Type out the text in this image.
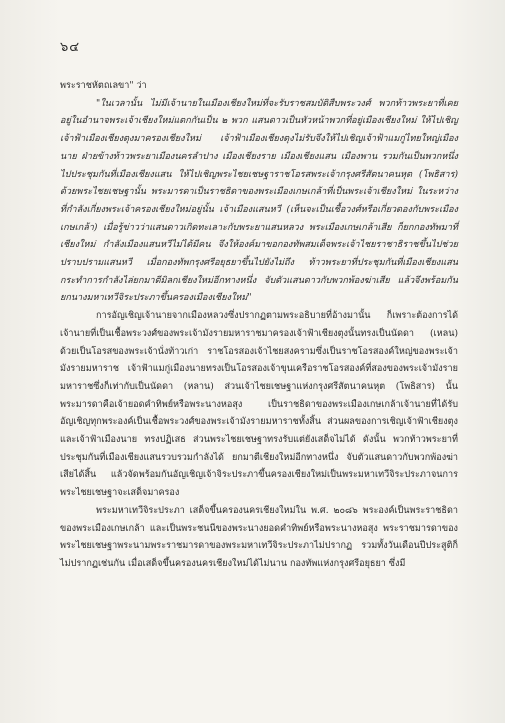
๖๔

พระราชหัตถเลขา" ว่า

"ในเวลานั้น ไม่มีเจ้านายในเมืองเชียงใหม่ที่จะรับราชสมบัติสืบพระวงศ์ พวกท้าวพระยาที่เคยอยู่ในอำนาจพระเจ้าเชียงใหม่แตกกันเป็น ๒ พวก แสนดาวเป็นหัวหน้าพวกที่อยู่เมืองเชียงใหม่ ให้ไปเชิญเจ้าฟ้าเมืองเชียงตุงมาครองเชียงใหม่ เจ้าฟ้าเมืองเชียงตุงไม่รับจึงให้ไปเชิญเจ้าฟ้าแมกู่ไทยใหญ่เมืองนาย ฝ่ายข้างท้าวพระยาเมืองนครลำปาง เมืองเชียงราย เมืองเชียงแสน เมืองพาน รวมกันเป็นพวกหนึ่งไปประชุมกันที่เมืองเชียงแสน ให้ไปเชิญพระไชยเชษฐาราชโอรสพระเจ้ากรุงศรีสัตนาคนหุต (โพธิสาร) ด้วยพระไชยเชษฐานั้น พระมารดาเป็นราชธิดาของพระเมืองเกษเกล้าที่เป็นพระเจ้าเชียงใหม่ ในระหว่างที่กำลังเกี่ยงพระเจ้าครองเชียงใหม่อยู่นั้น เจ้าเมืองแสนหวี (เห็นจะเป็นเชื้อวงศ์หรือเกี่ยวดองกับพระเมืองเกษเกล้า) เมื่อรู้ข่าวว่าแสนดาวเกิดทะเลาะกับพระยาแสนหลวง พระเมืองเกษเกล้าเสีย ก็ยกกองทัพมาที่เชียงใหม่ กำลังเมืองแสนหวีไม่ได้มีคน จึงให้องค์มาขอกองทัพสมเด็จพระเจ้าไชยราชาธิราชขึ้นไปช่วยปราบปรามแสนหวี เมื่อกองทัพกรุงศรีอยุธยาขึ้นไปยังไม่ถึง ท้าวพระยาที่ประชุมกันที่เมืองเชียงแสนกระทำการกำลังไล่ยกมาตีมิลกเชียงใหม่อีกทางหนึ่ง จับตัวแสนดาวกับพวกพ้องฆ่าเสีย แล้วจึงพร้อมกันยกนางมหาเทวีจิระประภาขึ้นครองเมืองเชียงใหม่"

การอัญเชิญเจ้านายจากเมืองหลวงซึ่งปรากฏตามพระอธิบายที่อ้างมานั้น ก็เพราะต้องการได้เจ้านายที่เป็นเชื้อพระวงศ์ของพระเจ้ามังรายมหาราชมาครองเจ้าฟ้าเชียงตุงนั้นทรงเป็นนัดดา (เหลน) ด้วยเป็นโอรสของพระเจ้านั่งท้าวเก่า ราชโอรสองเจ้าไชยสงครามซึ่งเป็นราชโอรสองค์ใหญ่ของพระเจ้ามังรายมหาราช เจ้าฟ้าแมกู่เมืองนายทรงเป็นโอรสองเจ้าขุนเครือราชโอรสองค์ที่สองของพระเจ้ามังรายมหาราชซึ่งก็เท่ากับเป็นนัดดา (หลาน) ส่วนเจ้าไชยเชษฐาแห่งกรุงศรีสัตนาคนหุต (โพธิสาร) นั้นพระมารดาคือเจ้ายอดคำทิพย์หรือพระนางหอสุง เป็นราชธิดาของพระเมืองเกษเกล้าเจ้านายที่ได้รับอัญเชิญทุกพระองค์เป็นเชื้อพระวงศ์ของพระเจ้ามังรายมหาราชทั้งสิ้น ส่วนผลของการเชิญเจ้าฟ้าเชียงตุงและเจ้าฟ้าเมืองนาย ทรงปฏิเสธ ส่วนพระไชยเชษฐาทรงรับแต่ยังเสด็จไม่ได้ ดังนั้น พวกท้าวพระยาที่ประชุมกันที่เมืองเชียงแสนรวบรวมกำลังได้ ยกมาตีเชียงใหม่อีกทางหนึ่ง จับตัวแสนดาวกับพวกพ้องฆ่าเสียได้สิ้น แล้วจัดพร้อมกันอัญเชิญเจ้าจิระประภาขึ้นครองเชียงใหม่เป็นพระมหาเทวีจิระประภาจนการพระไชยเชษฐาจะเสด็จมาครอง

พระมหาเทวีจิระประภา เสด็จขึ้นครองนครเชียงใหม่ใน พ.ศ. ๒๐๘๖ พระองค์เป็นพระราชธิดาของพระเมืองเกษเกล้า และเป็นพระชนนีของพระนางยอดคำทิพย์หรือพระนางหอสุง พระราชมารดาของพระไชยเชษฐาพระนามพระราชมารดาของพระมหาเทวีจิระประภาไม่ปรากฏ รวมทั้งวันเดือนปีประสูติก็ไม่ปรากฏเช่นกัน เมื่อเสด็จขึ้นครองนครเชียงใหม่ได้ไม่นาน กองทัพแห่งกรุงศรีอยุธยา ซึ่งมี
